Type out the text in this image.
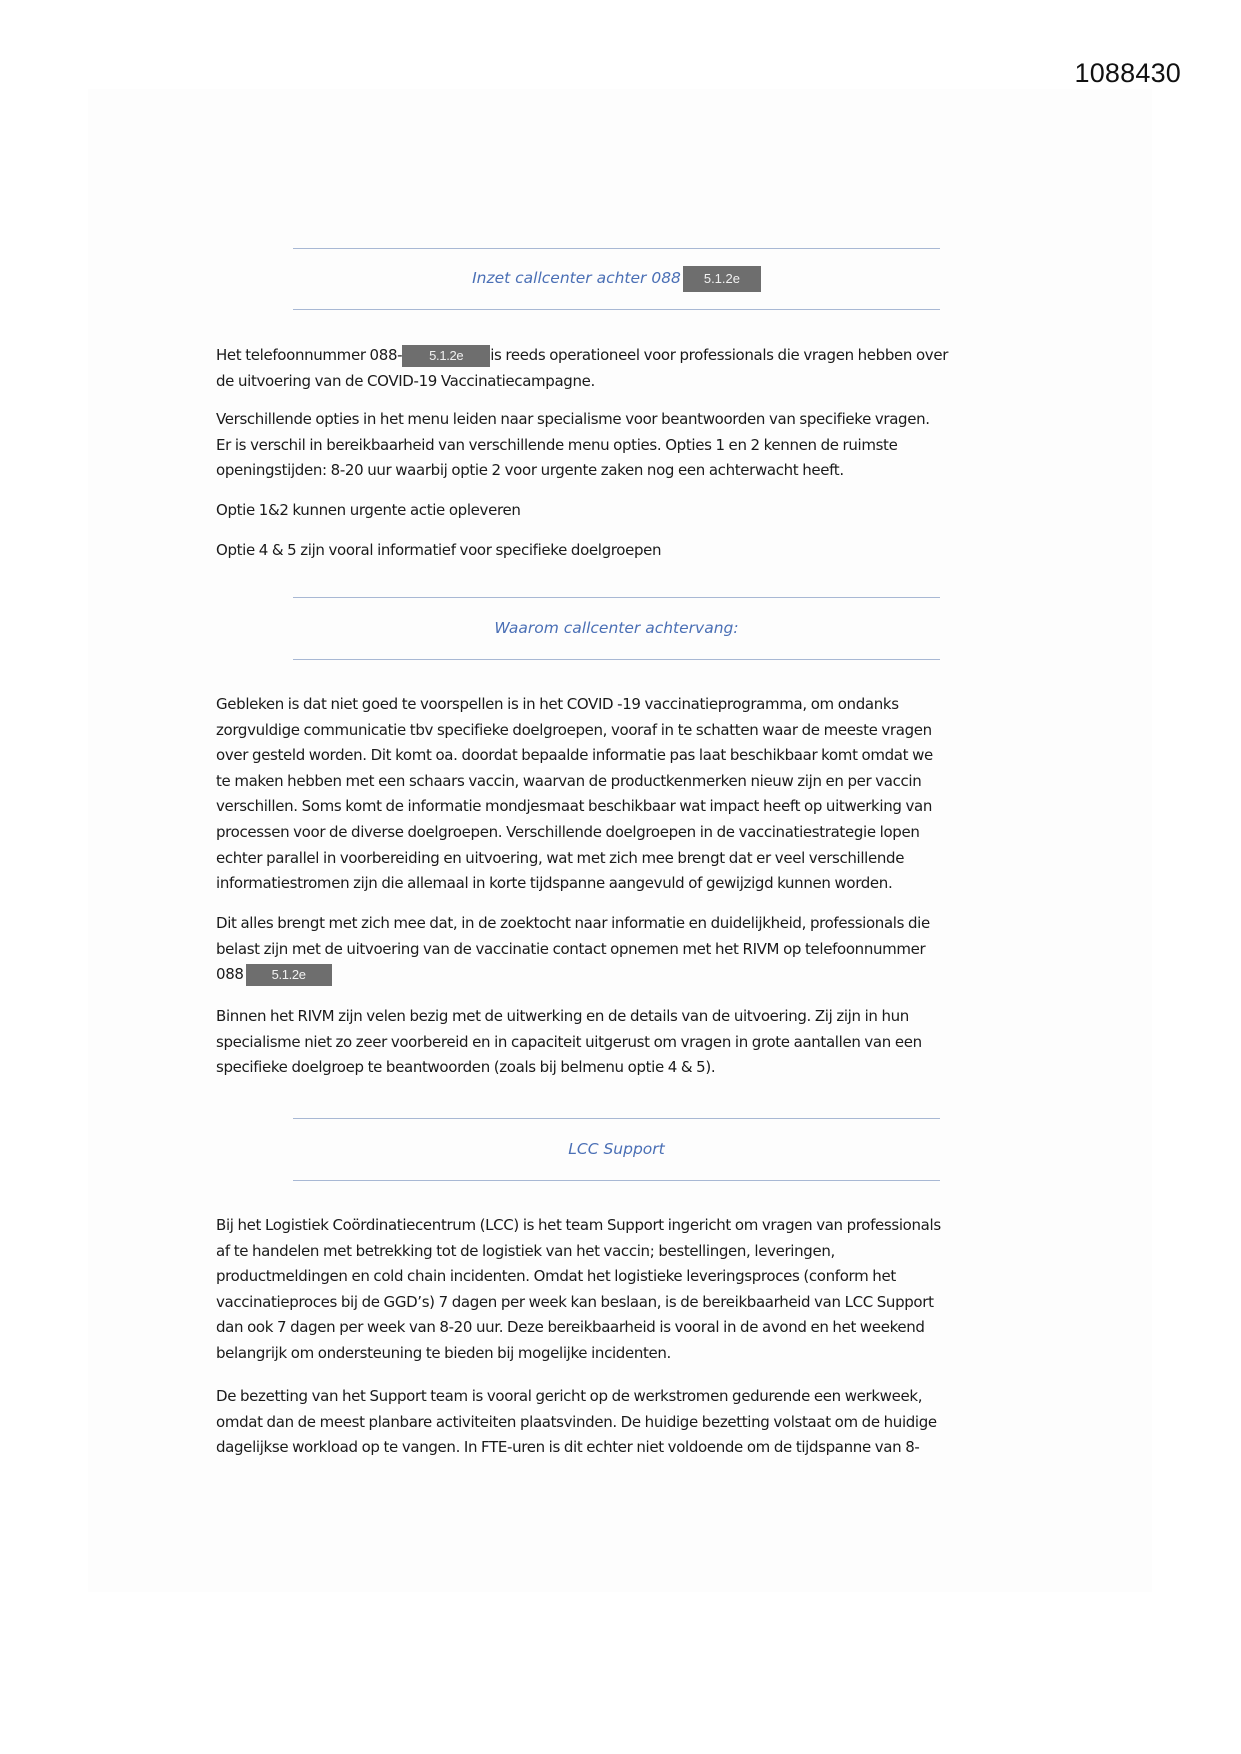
1088430
Inzet callcenter achter 088 5.1.2e

Het telefoonnummer 088- 5.1.2e is reeds operationeel voor professionals die vragen hebben over
de uitvoering van de COVID-19 Vaccinatiecampagne.

Verschillende opties in het menu leiden naar specialisme voor beantwoorden van specifieke vragen.
Er is verschil in bereikbaarheid van verschillende menu opties. Opties 1 en 2 kennen de ruimste
openingstijden: 8-20 uur waarbij optie 2 voor urgente zaken nog een achterwacht heeft.

Optie 1&2 kunnen urgente actie opleveren

Optie 4 & 5 zijn vooral informatief voor specifieke doelgroepen

Waarom callcenter achtervang:

Gebleken is dat niet goed te voorspellen is in het COVID -19 vaccinatieprogramma, om ondanks
zorgvuldige communicatie tbv specifieke doelgroepen, vooraf in te schatten waar de meeste vragen
over gesteld worden. Dit komt oa. doordat bepaalde informatie pas laat beschikbaar komt omdat we
te maken hebben met een schaars vaccin, waarvan de productkenmerken nieuw zijn en per vaccin
verschillen. Soms komt de informatie mondjesmaat beschikbaar wat impact heeft op uitwerking van
processen voor de diverse doelgroepen. Verschillende doelgroepen in de vaccinatiestrategie lopen
echter parallel in voorbereiding en uitvoering, wat met zich mee brengt dat er veel verschillende
informatiestromen zijn die allemaal in korte tijdspanne aangevuld of gewijzigd kunnen worden.

Dit alles brengt met zich mee dat, in de zoektocht naar informatie en duidelijkheid, professionals die
belast zijn met de uitvoering van de vaccinatie contact opnemen met het RIVM op telefoonnummer
088 5.1.2e

Binnen het RIVM zijn velen bezig met de uitwerking en de details van de uitvoering. Zij zijn in hun
specialisme niet zo zeer voorbereid en in capaciteit uitgerust om vragen in grote aantallen van een
specifieke doelgroep te beantwoorden (zoals bij belmenu optie 4 & 5).

LCC Support

Bij het Logistiek Coördinatiecentrum (LCC) is het team Support ingericht om vragen van professionals
af te handelen met betrekking tot de logistiek van het vaccin; bestellingen, leveringen,
productmeldingen en cold chain incidenten. Omdat het logistieke leveringsproces (conform het
vaccinatieproces bij de GGD’s) 7 dagen per week kan beslaan, is de bereikbaarheid van LCC Support
dan ook 7 dagen per week van 8-20 uur. Deze bereikbaarheid is vooral in de avond en het weekend
belangrijk om ondersteuning te bieden bij mogelijke incidenten.

De bezetting van het Support team is vooral gericht op de werkstromen gedurende een werkweek,
omdat dan de meest planbare activiteiten plaatsvinden. De huidige bezetting volstaat om de huidige
dagelijkse workload op te vangen. In FTE-uren is dit echter niet voldoende om de tijdspanne van 8-
